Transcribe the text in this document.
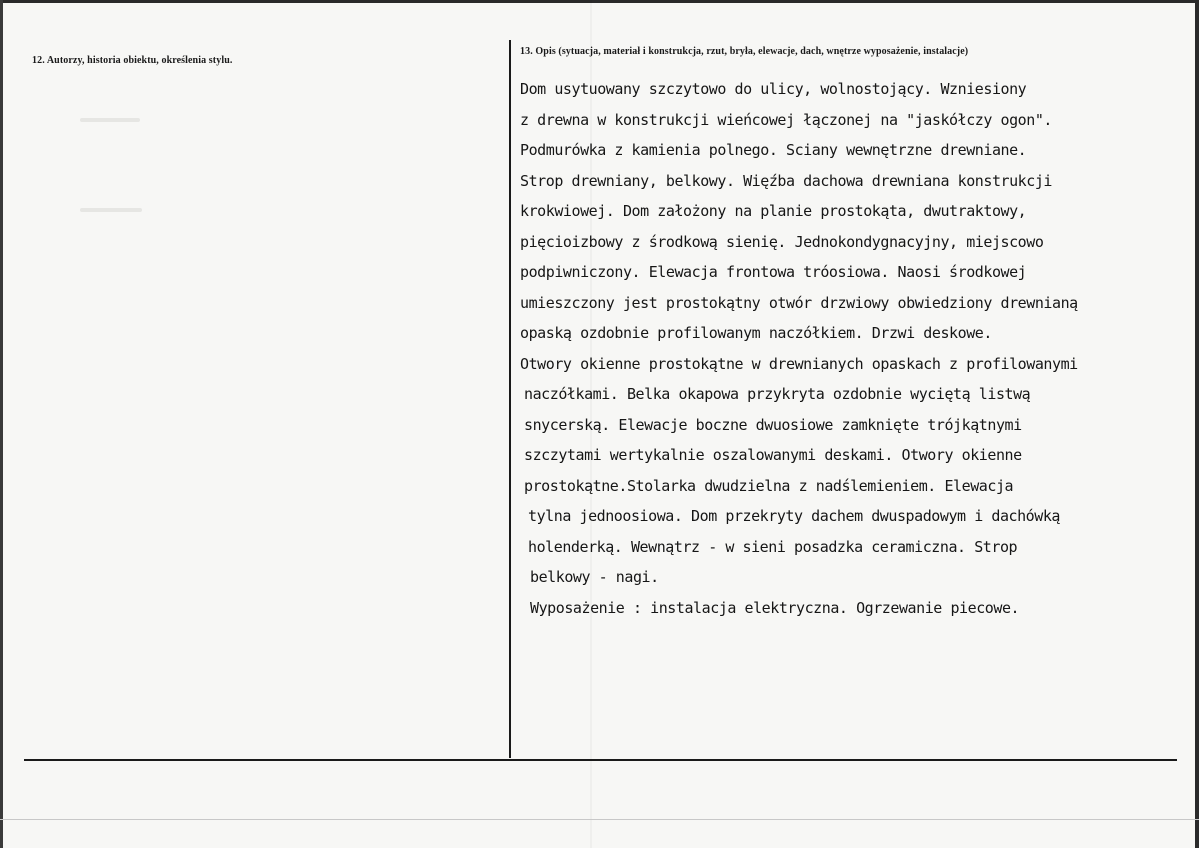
12. Autorzy, historia obiektu, określenia stylu.
13. Opis (sytuacja, materiał i konstrukcja, rzut, bryła, elewacje, dach, wnętrze wyposażenie, instalacje)
Dom usytuowany szczytowo do ulicy, wolnostojący. Wzniesiony
z drewna w konstrukcji wieńcowej łączonej na "jaskółczy ogon".
Podmurówka z kamienia polnego. Sciany wewnętrzne drewniane.
Strop drewniany, belkowy. Więźba dachowa drewniana konstrukcji
krokwiowej. Dom założony na planie prostokąta, dwutraktowy,
pięcioizbowy z środkową sienię. Jednokondygnacyjny, miejscowo
podpiwniczony. Elewacja frontowa tróosiowa. Naosi środkowej
umieszczony jest prostokątny otwór drzwiowy obwiedziony drewnianą
opaską ozdobnie profilowanym naczółkiem. Drzwi deskowe.
Otwory okienne prostokątne w drewnianych opaskach z profilowanymi
naczółkami. Belka okapowa przykryta ozdobnie wyciętą listwą
snycerską. Elewacje boczne dwuosiowe zamknięte trójkątnymi
szczytami wertykalnie oszalowanymi deskami. Otwory okienne
prostokątne.Stolarka dwudzielna z nadślemieniem. Elewacja
tylna jednoosiowa. Dom przekryty dachem dwuspadowym i dachówką
holenderką. Wewnątrz - w sieni posadzka ceramiczna. Strop
belkowy - nagi.
Wyposażenie : instalacja elektryczna. Ogrzewanie piecowe.
